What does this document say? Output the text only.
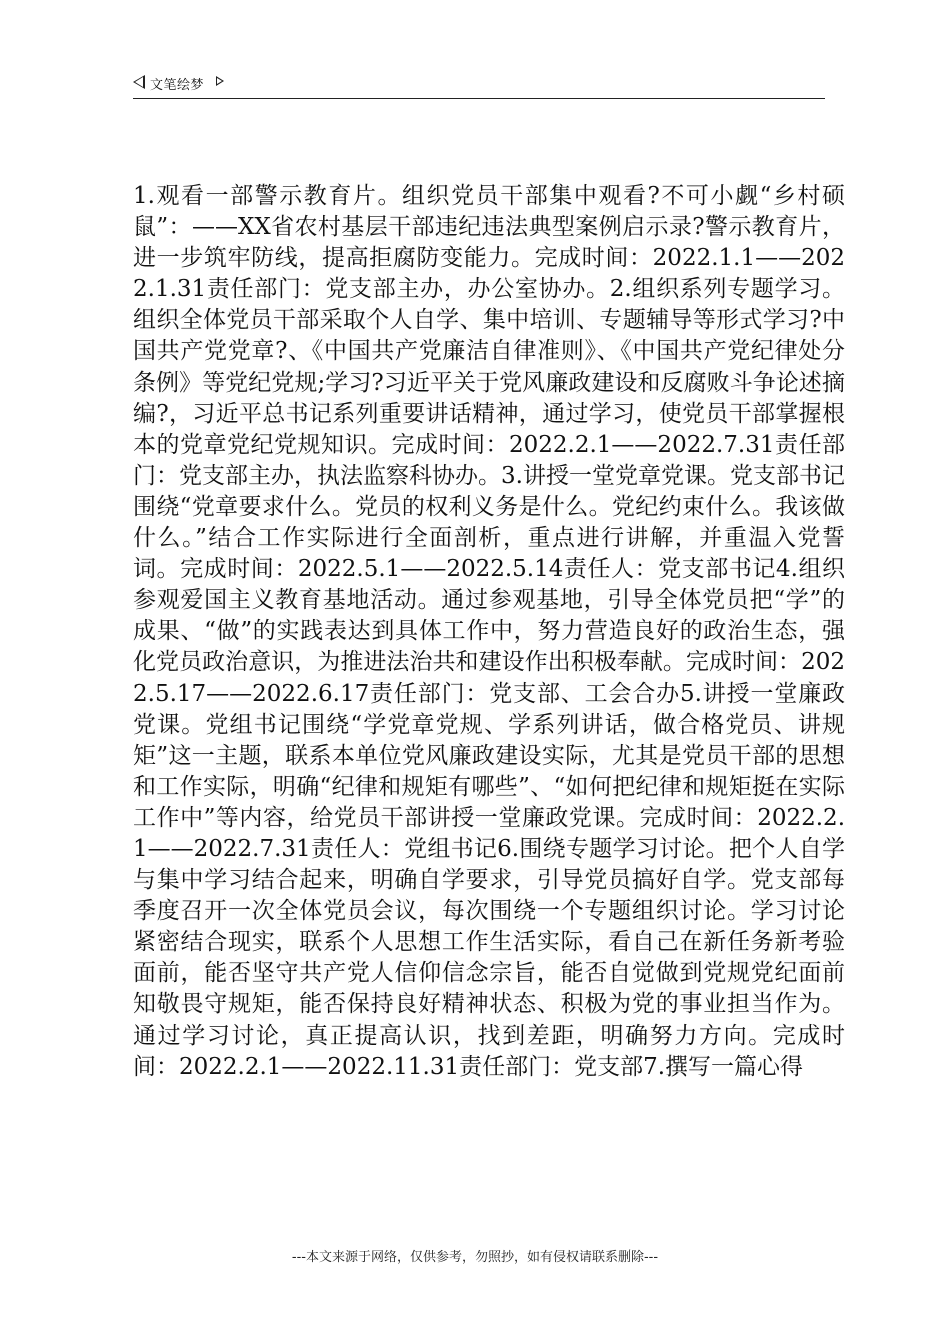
文笔绘梦

1.观看一部警示教育片。组织党员干部集中观看?不可小觑“乡村硕鼠”：——XX省农村基层干部违纪违法典型案例启示录?警示教育片，进一步筑牢防线，提高拒腐防变能力。完成时间：2022.1.1——2022.1.31责任部门：党支部主办，办公室协办。2.组织系列专题学习。组织全体党员干部采取个人自学、集中培训、专题辅导等形式学习?中国共产党党章?、《中国共产党廉洁自律准则》、《中国共产党纪律处分条例》等党纪党规;学习?习近平关于党风廉政建设和反腐败斗争论述摘编?，习近平总书记系列重要讲话精神，通过学习，使党员干部掌握根本的党章党纪党规知识。完成时间：2022.2.1——2022.7.31责任部门：党支部主办，执法监察科协办。3.讲授一堂党章党课。党支部书记围绕“党章要求什么。党员的权利义务是什么。党纪约束什么。我该做什么。”结合工作实际进行全面剖析，重点进行讲解，并重温入党誓词。完成时间：2022.5.1——2022.5.14责任人：党支部书记4.组织参观爱国主义教育基地活动。通过参观基地，引导全体党员把“学”的成果、“做”的实践表达到具体工作中，努力营造良好的政治生态，强化党员政治意识，为推进法治共和建设作出积极奉献。完成时间：2022.5.17——2022.6.17责任部门：党支部、工会合办5.讲授一堂廉政党课。党组书记围绕“学党章党规、学系列讲话，做合格党员、讲规矩”这一主题，联系本单位党风廉政建设实际，尤其是党员干部的思想和工作实际，明确“纪律和规矩有哪些”、“如何把纪律和规矩挺在实际工作中”等内容，给党员干部讲授一堂廉政党课。完成时间：2022.2.1——2022.7.31责任人：党组书记6.围绕专题学习讨论。把个人自学与集中学习结合起来，明确自学要求，引导党员搞好自学。党支部每季度召开一次全体党员会议，每次围绕一个专题组织讨论。学习讨论紧密结合现实，联系个人思想工作生活实际，看自己在新任务新考验面前，能否坚守共产党人信仰信念宗旨，能否自觉做到党规党纪面前知敬畏守规矩，能否保持良好精神状态、积极为党的事业担当作为。通过学习讨论，真正提高认识，找到差距，明确努力方向。完成时间：2022.2.1——2022.11.31责任部门：党支部7.撰写一篇心得

---本文来源于网络，仅供参考，勿照抄，如有侵权请联系删除---
